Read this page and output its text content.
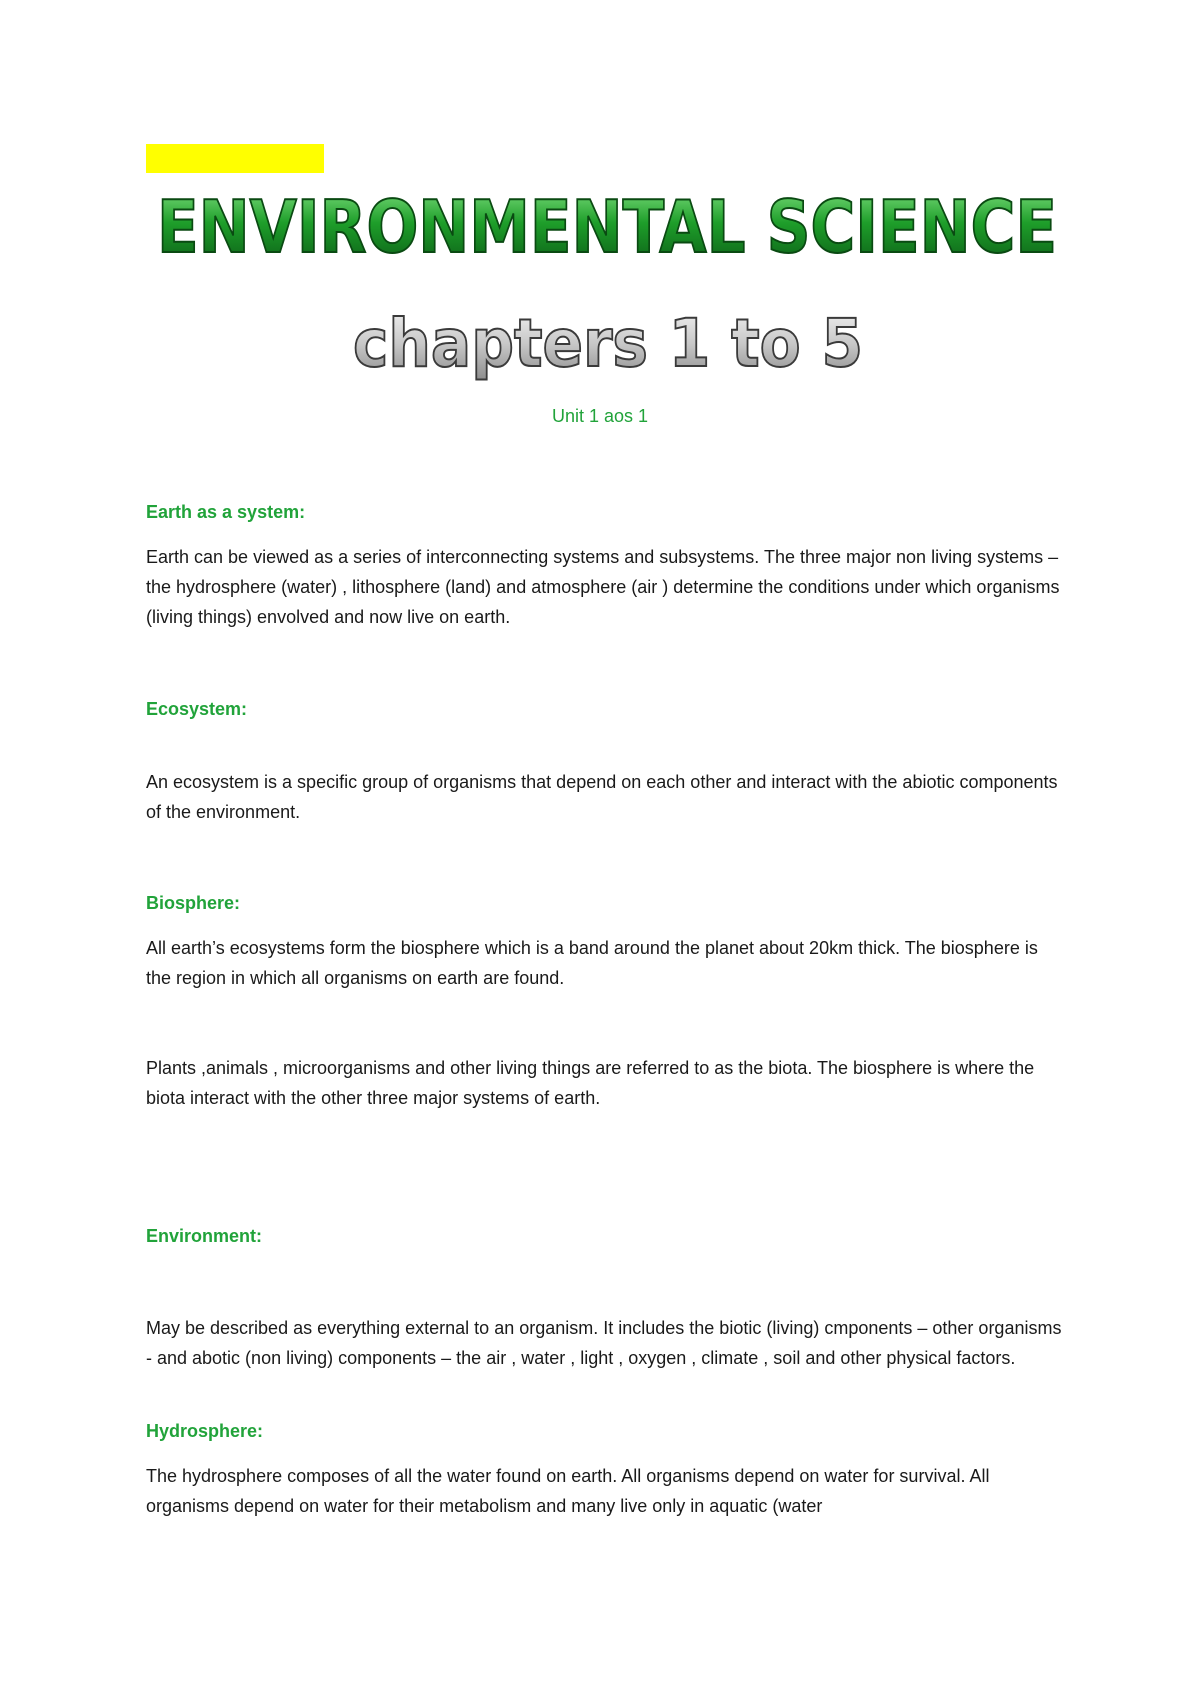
ENVIRONMENTAL SCIENCE
chapters 1 to 5
Unit 1 aos 1
Earth as a system:

Earth can be viewed as a series of interconnecting systems and subsystems. The three major non living systems – the hydrosphere (water) , lithosphere (land) and atmosphere (air ) determine the conditions under which organisms (living things) envolved and now live on earth.

Ecosystem:

An ecosystem is a specific group of organisms that depend on each other and interact with the abiotic components of the environment.

Biosphere:

All earth’s ecosystems form the biosphere which is a band around the planet about 20km thick. The biosphere is the region in which all organisms on earth are found.

Plants ,animals , microorganisms and other living things are referred to as the biota. The biosphere is where the biota interact with the other three major systems of earth.

Environment:

May be described as everything external to an organism. It includes the biotic (living) cmponents – other organisms - and abotic (non living) components – the air , water , light , oxygen , climate , soil and other physical factors.

Hydrosphere:

The hydrosphere composes of all the water found on earth. All organisms depend on water for survival. All organisms depend on water for their metabolism and many live only in aquatic (water
